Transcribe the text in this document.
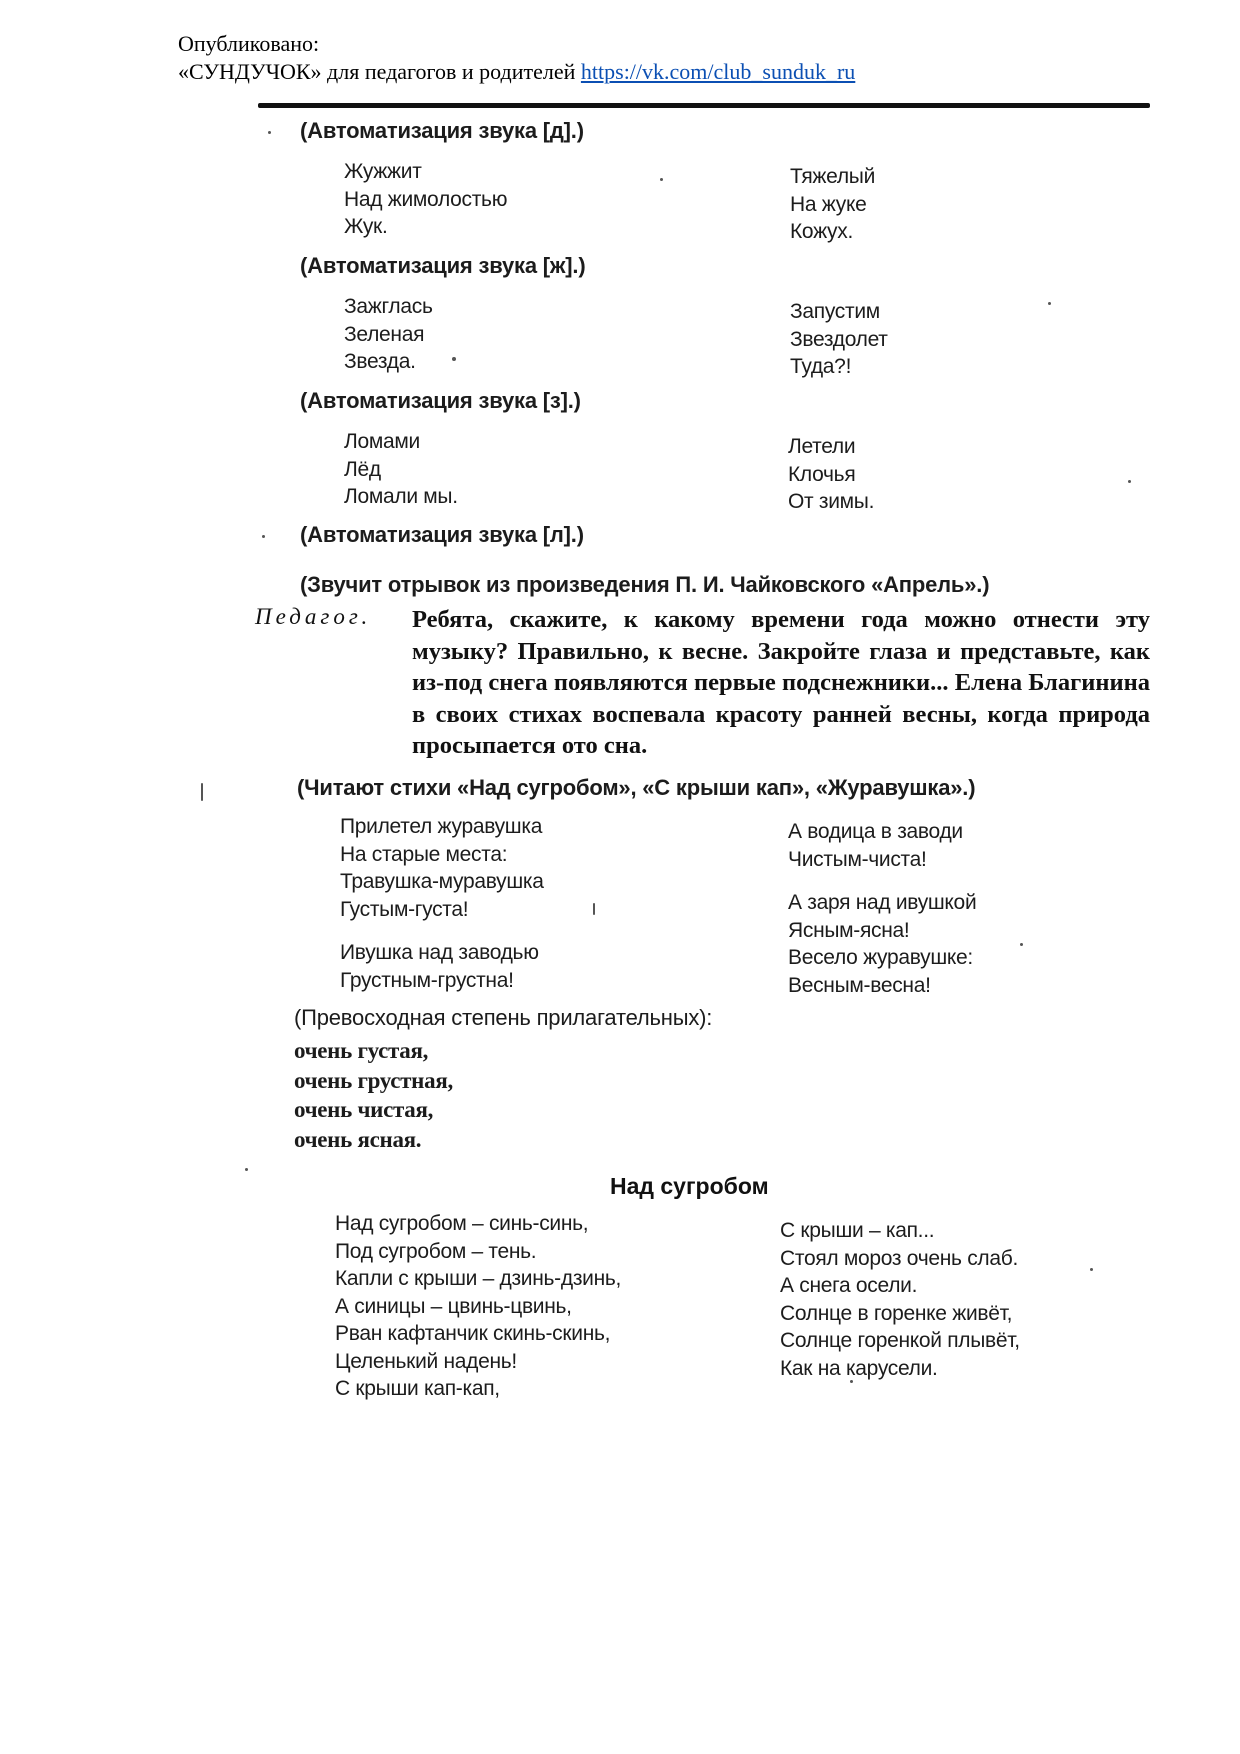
Опубликовано:
«СУНДУЧОК» для педагогов и родителей https://vk.com/club_sunduk_ru
(Автоматизация звука [д].)
Жужжит
Над жимолостью
Жук.
Тяжелый
На жуке
Кожух.
(Автоматизация звука [ж].)
Зажглась
Зеленая
Звезда.
Запустим
Звездолет
Туда?!
(Автоматизация звука [з].)
Ломами
Лёд
Ломали мы.
Летели
Клочья
От зимы.
(Автоматизация звука [л].)
(Звучит отрывок из произведения П. И. Чайковского «Апрель».)
Педагог. Ребята, скажите, к какому времени года можно отнести эту музыку? Правильно, к весне. Закройте глаза и представьте, как из-под снега появляются первые подснежники... Елена Благинина в своих стихах воспевала красоту ранней весны, когда природа просыпается ото сна.
(Читают стихи «Над сугробом», «С крыши кап», «Журавушка».)
Прилетел журавушка
На старые места:
Травушка-муравушка
Густым-густа!
Ивушка над заводью
Грустным-грустна!
А водица в заводи
Чистым-чиста!
А заря над ивушкой
Ясным-ясна!
Весело журавушке:
Весным-весна!
(Превосходная степень прилагательных):
очень густая,
очень грустная,
очень чистая,
очень ясная.
Над сугробом
Над сугробом – синь-синь,
Под сугробом – тень.
Капли с крыши – дзинь-дзинь,
А синицы – цвинь-цвинь,
Рван кафтанчик скинь-скинь,
Целенький надень!
С крыши кап-кап,
С крыши – кап...
Стоял мороз очень слаб.
А снега осели.
Солнце в горенке живёт,
Солнце горенкой плывёт,
Как на карусели.
